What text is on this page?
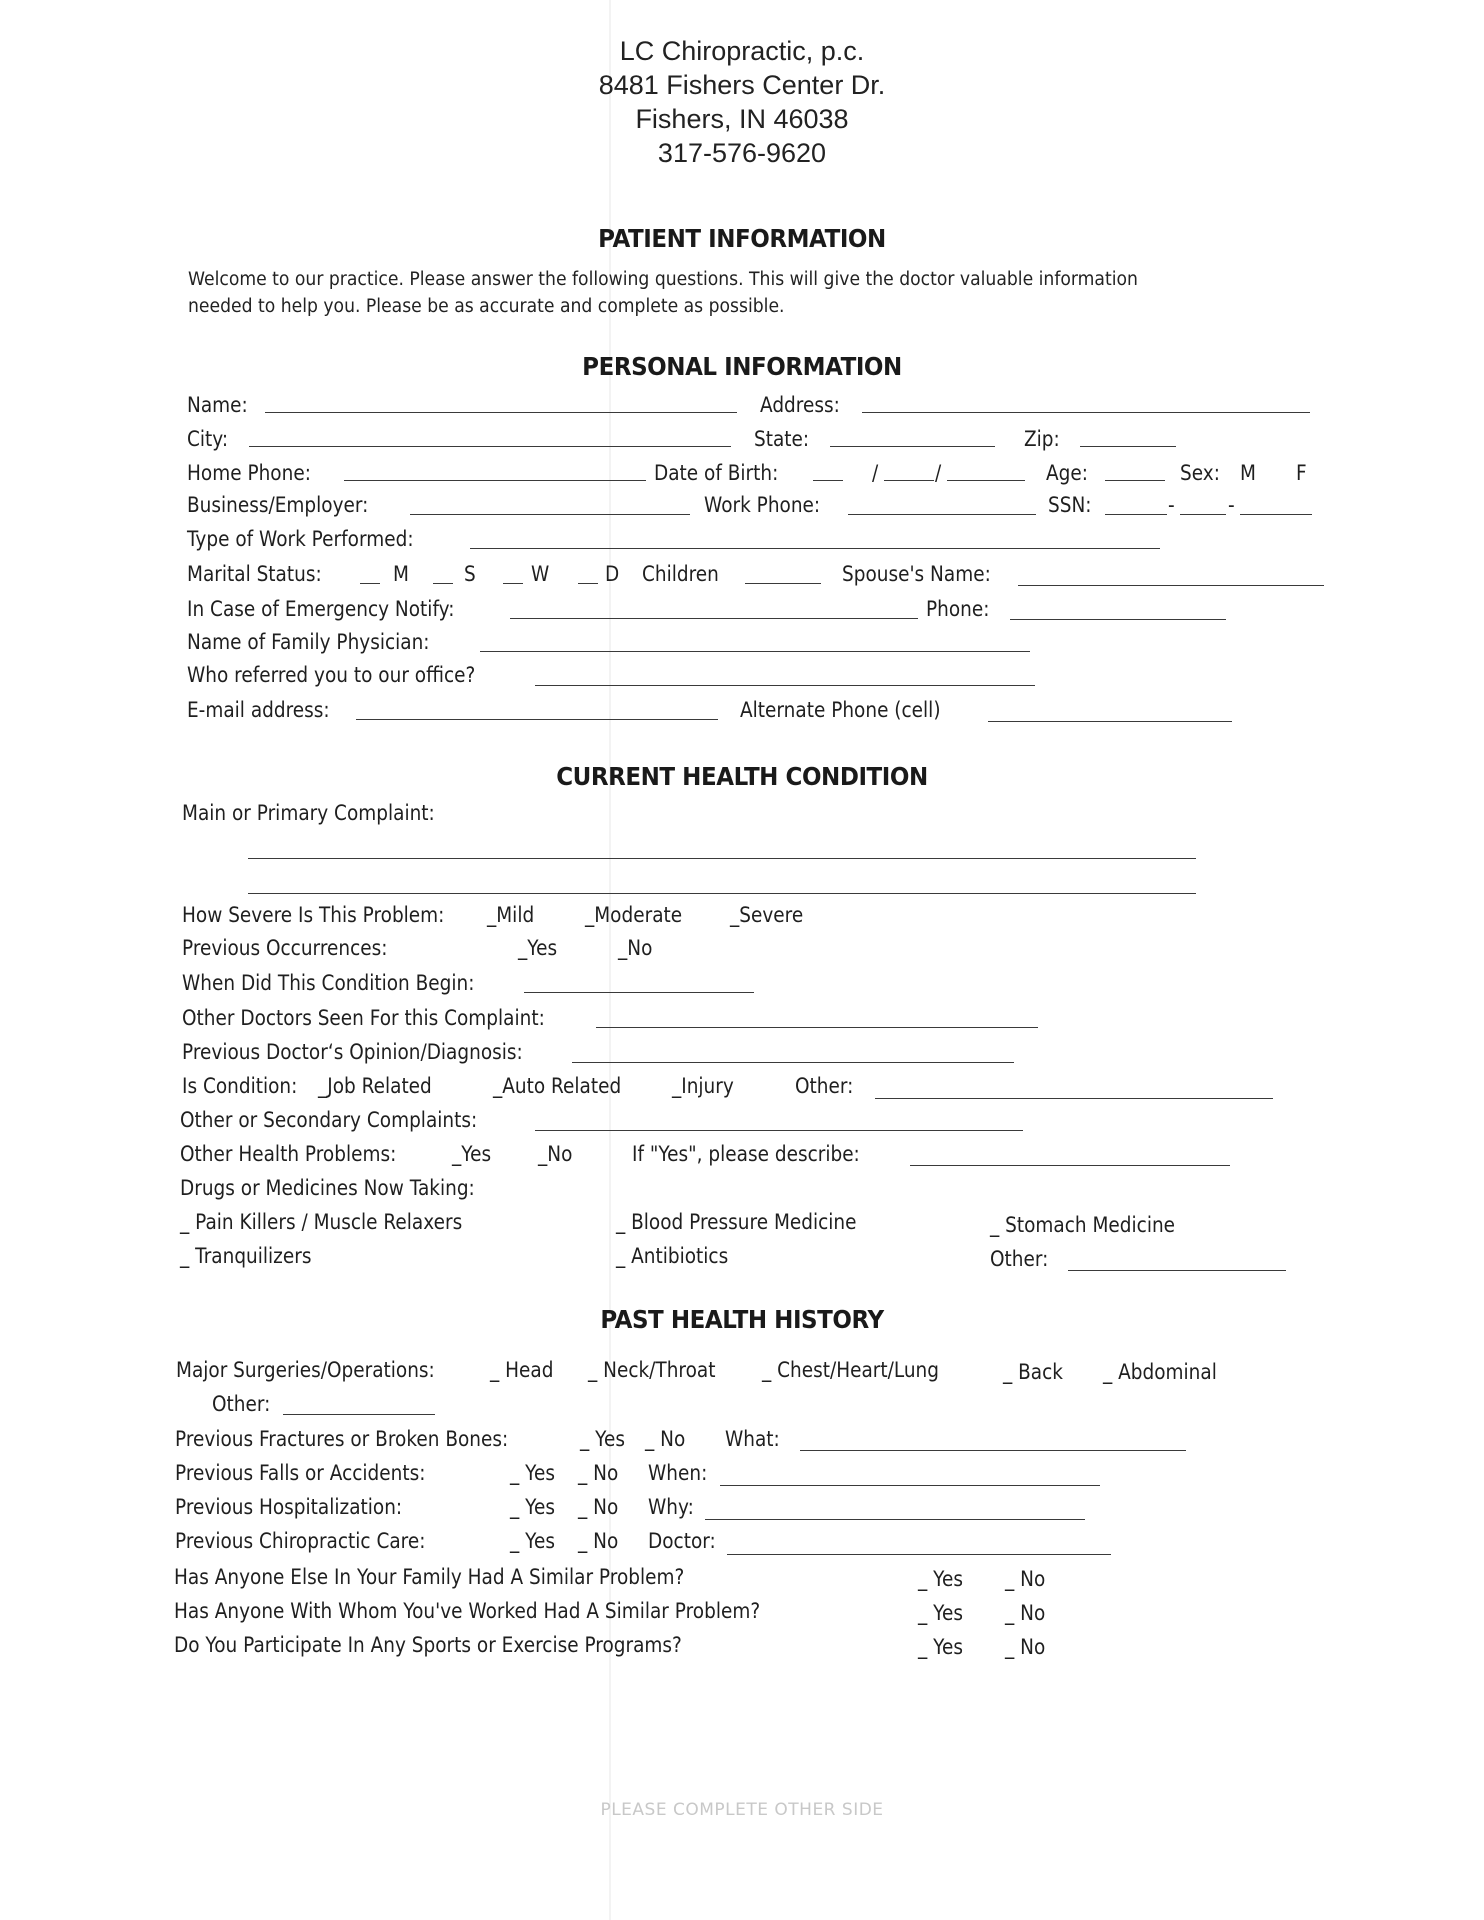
LC Chiropractic, p.c.
8481 Fishers Center Dr.
Fishers, IN 46038
317-576-9620
PATIENT INFORMATION
Welcome to our practice. Please answer the following questions. This will give the doctor valuable information
needed to help you. Please be as accurate and complete as possible.
PERSONAL INFORMATION
Name:	Address:
City:	State:	Zip:
Home Phone:	Date of Birth:	/	/	Age:	Sex: M F
Business/Employer:	Work Phone:	SSN:	-	-
Type of Work Performed:
Marital Status:	M	S	W	D Children	Spouse's Name:
In Case of Emergency Notify:	Phone:
Name of Family Physician:
Who referred you to our office?
E-mail address:	Alternate Phone (cell)
CURRENT HEALTH CONDITION
Main or Primary Complaint:
How Severe Is This Problem: _Mild _Moderate _Severe
Previous Occurrences:	_Yes	_No
When Did This Condition Begin:
Other Doctors Seen For this Complaint:
Previous Doctor‘s Opinion/Diagnosis:
Is Condition: _Job Related	_Auto Related _Injury	Other:
Other or Secondary Complaints:
Other Health Problems:	_Yes _No	If "Yes", please describe:
Drugs or Medicines Now Taking:
_ Pain Killers / Muscle Relaxers	_ Blood Pressure Medicine	_ Stomach Medicine
_ Tranquilizers	_ Antibiotics	Other:
PAST HEALTH HISTORY
Major Surgeries/Operations:	_ Head _ Neck/Throat _ Chest/Heart/Lung	_ Back _ Abdominal
Other:
Previous Fractures or Broken Bones:	_ Yes _ No What:
Previous Falls or Accidents:	_ Yes _ No When:
Previous Hospitalization:	_ Yes _ No Why:
Previous Chiropractic Care:	_ Yes _ No Doctor:
Has Anyone Else In Your Family Had A Similar Problem?	_ Yes _ No
Has Anyone With Whom You've Worked Had A Similar Problem?	_ Yes _ No
Do You Participate In Any Sports or Exercise Programs?	_ Yes _ No
PLEASE COMPLETE OTHER SIDE
